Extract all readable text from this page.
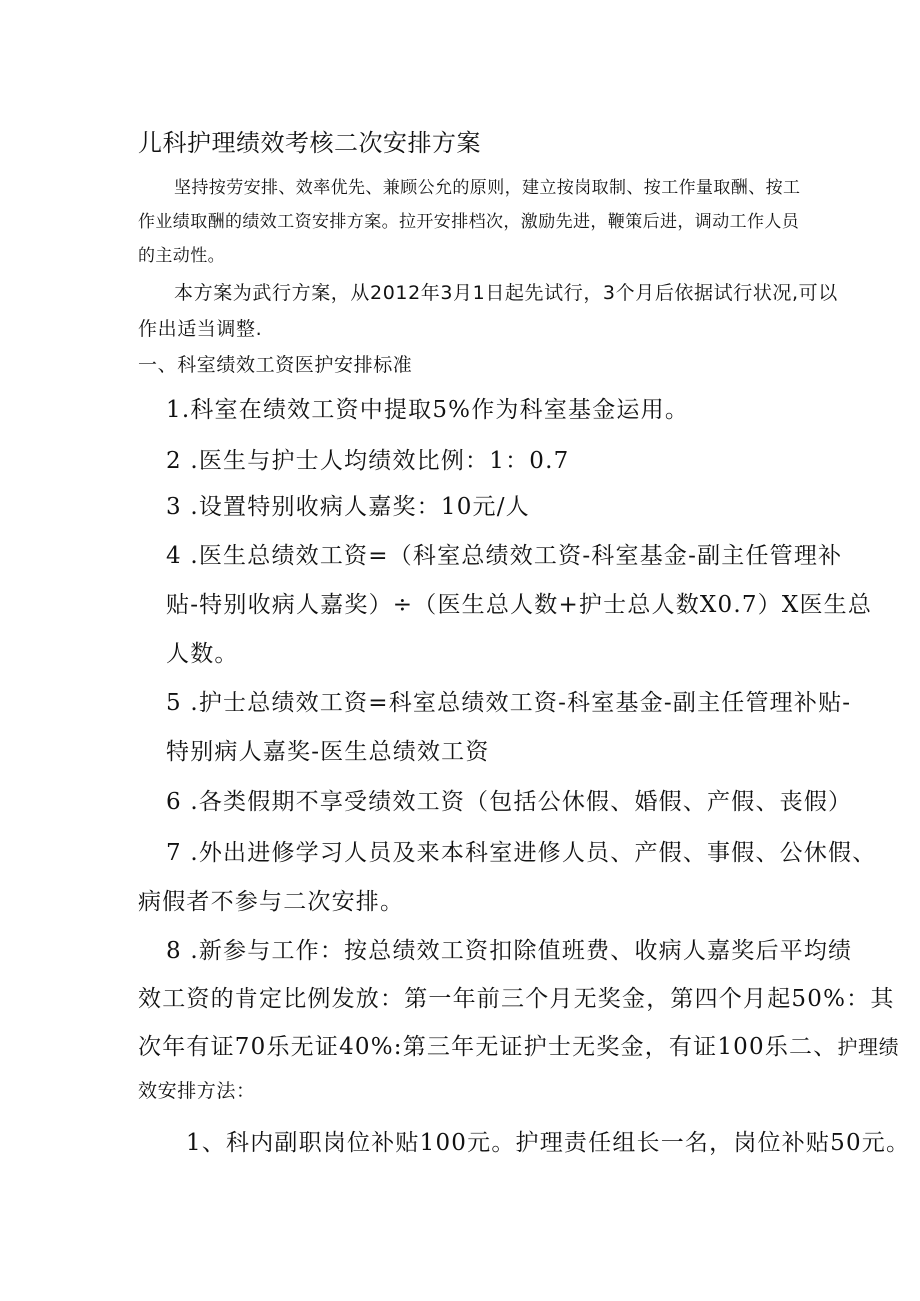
儿科护理绩效考核二次安排方案
坚持按劳安排、效率优先、兼顾公允的原则，建立按岗取制、按工作量取酬、按工
作业绩取酬的绩效工资安排方案。拉开安排档次，激励先进，鞭策后进，调动工作人员
的主动性。
本方案为武行方案，从2012年3月1日起先试行，3个月后依据试行状况,可以
作出适当调整.
一、科室绩效工资医护安排标准
1.科室在绩效工资中提取5%作为科室基金运用。
2 .医生与护士人均绩效比例：1：0.7
3 .设置特别收病人嘉奖：10元/人
4 .医生总绩效工资=（科室总绩效工资-科室基金-副主任管理补
贴-特别收病人嘉奖）÷（医生总人数+护士总人数X0.7）X医生总
人数。
5 .护士总绩效工资=科室总绩效工资-科室基金-副主任管理补贴-
特别病人嘉奖-医生总绩效工资
6 .各类假期不享受绩效工资（包括公休假、婚假、产假、丧假）
7 .外出进修学习人员及来本科室进修人员、产假、事假、公休假、
病假者不参与二次安排。
8 .新参与工作：按总绩效工资扣除值班费、收病人嘉奖后平均绩
效工资的肯定比例发放：第一年前三个月无奖金，第四个月起50%：其
次年有证70乐无证40%:第三年无证护士无奖金，有证100乐二、护理绩
效安排方法：
1、科内副职岗位补贴100元。护理责任组长一名，岗位补贴50元。
